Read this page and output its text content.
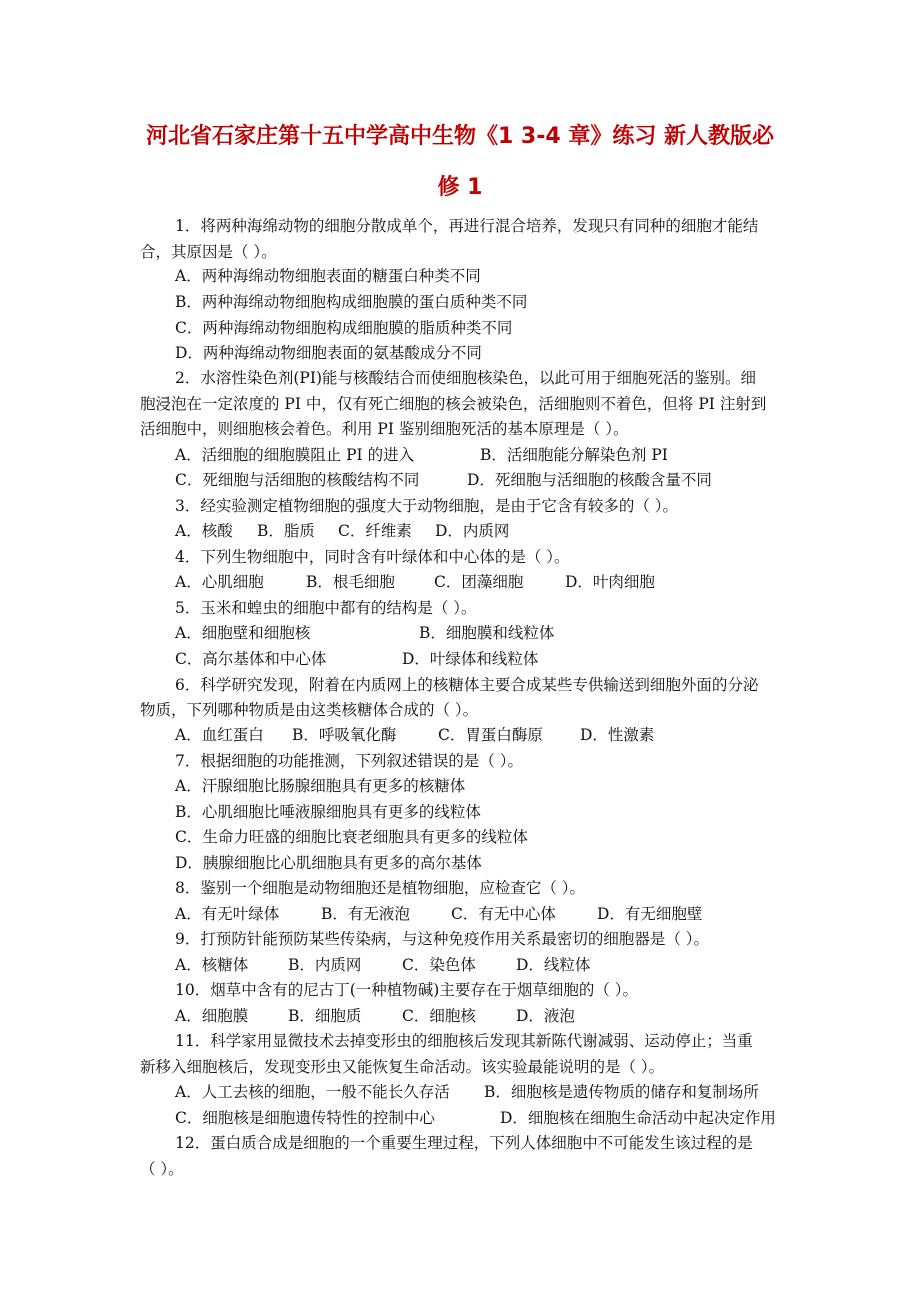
河北省石家庄第十五中学高中生物《1 3-4 章》练习 新人教版必
修 1
1．将两种海绵动物的细胞分散成单个，再进行混合培养，发现只有同种的细胞才能结
合，其原因是（ ）。
A．两种海绵动物细胞表面的糖蛋白种类不同
B．两种海绵动物细胞构成细胞膜的蛋白质种类不同
C．两种海绵动物细胞构成细胞膜的脂质种类不同
D．两种海绵动物细胞表面的氨基酸成分不同
2．水溶性染色剂(PI)能与核酸结合而使细胞核染色，以此可用于细胞死活的鉴别。细
胞浸泡在一定浓度的 PI 中，仅有死亡细胞的核会被染色，活细胞则不着色，但将 PI 注射到
活细胞中，则细胞核会着色。利用 PI 鉴别细胞死活的基本原理是（ ）。
A．活细胞的细胞膜阻止 PI 的进入	B．活细胞能分解染色剂 PI
C．死细胞与活细胞的核酸结构不同	D．死细胞与活细胞的核酸含量不同
3．经实验测定植物细胞的强度大于动物细胞，是由于它含有较多的（ ）。
A．核酸 B．脂质 C．纤维素 D．内质网
4．下列生物细胞中，同时含有叶绿体和中心体的是（ ）。
A．心肌细胞	B．根毛细胞	C．团藻细胞	D．叶肉细胞
5．玉米和蝗虫的细胞中都有的结构是（ ）。
A．细胞壁和细胞核	B．细胞膜和线粒体
C．高尔基体和中心体	D．叶绿体和线粒体
6．科学研究发现，附着在内质网上的核糖体主要合成某些专供输送到细胞外面的分泌
物质，下列哪种物质是由这类核糖体合成的（ ）。
A．血红蛋白 B．呼吸氧化酶	C．胃蛋白酶原 D．性激素
7．根据细胞的功能推测，下列叙述错误的是（ ）。
A．汗腺细胞比肠腺细胞具有更多的核糖体
B．心肌细胞比唾液腺细胞具有更多的线粒体
C．生命力旺盛的细胞比衰老细胞具有更多的线粒体
D．胰腺细胞比心肌细胞具有更多的高尔基体
8．鉴别一个细胞是动物细胞还是植物细胞，应检查它（ ）。
A．有无叶绿体	B．有无液泡	C．有无中心体	D．有无细胞壁
9．打预防针能预防某些传染病，与这种免疫作用关系最密切的细胞器是（ ）。
A．核糖体	B．内质网	C．染色体	D．线粒体
10．烟草中含有的尼古丁(一种植物碱)主要存在于烟草细胞的（ ）。
A．细胞膜	B．细胞质	C．细胞核	D．液泡
11．科学家用显微技术去掉变形虫的细胞核后发现其新陈代谢减弱、运动停止；当重
新移入细胞核后，发现变形虫又能恢复生命活动。该实验最能说明的是（ ）。
A．人工去核的细胞，一般不能长久存活 B．细胞核是遗传物质的储存和复制场所
C．细胞核是细胞遗传特性的控制中心	D．细胞核在细胞生命活动中起决定作用
12．蛋白质合成是细胞的一个重要生理过程，下列人体细胞中不可能发生该过程的是
（ ）。
